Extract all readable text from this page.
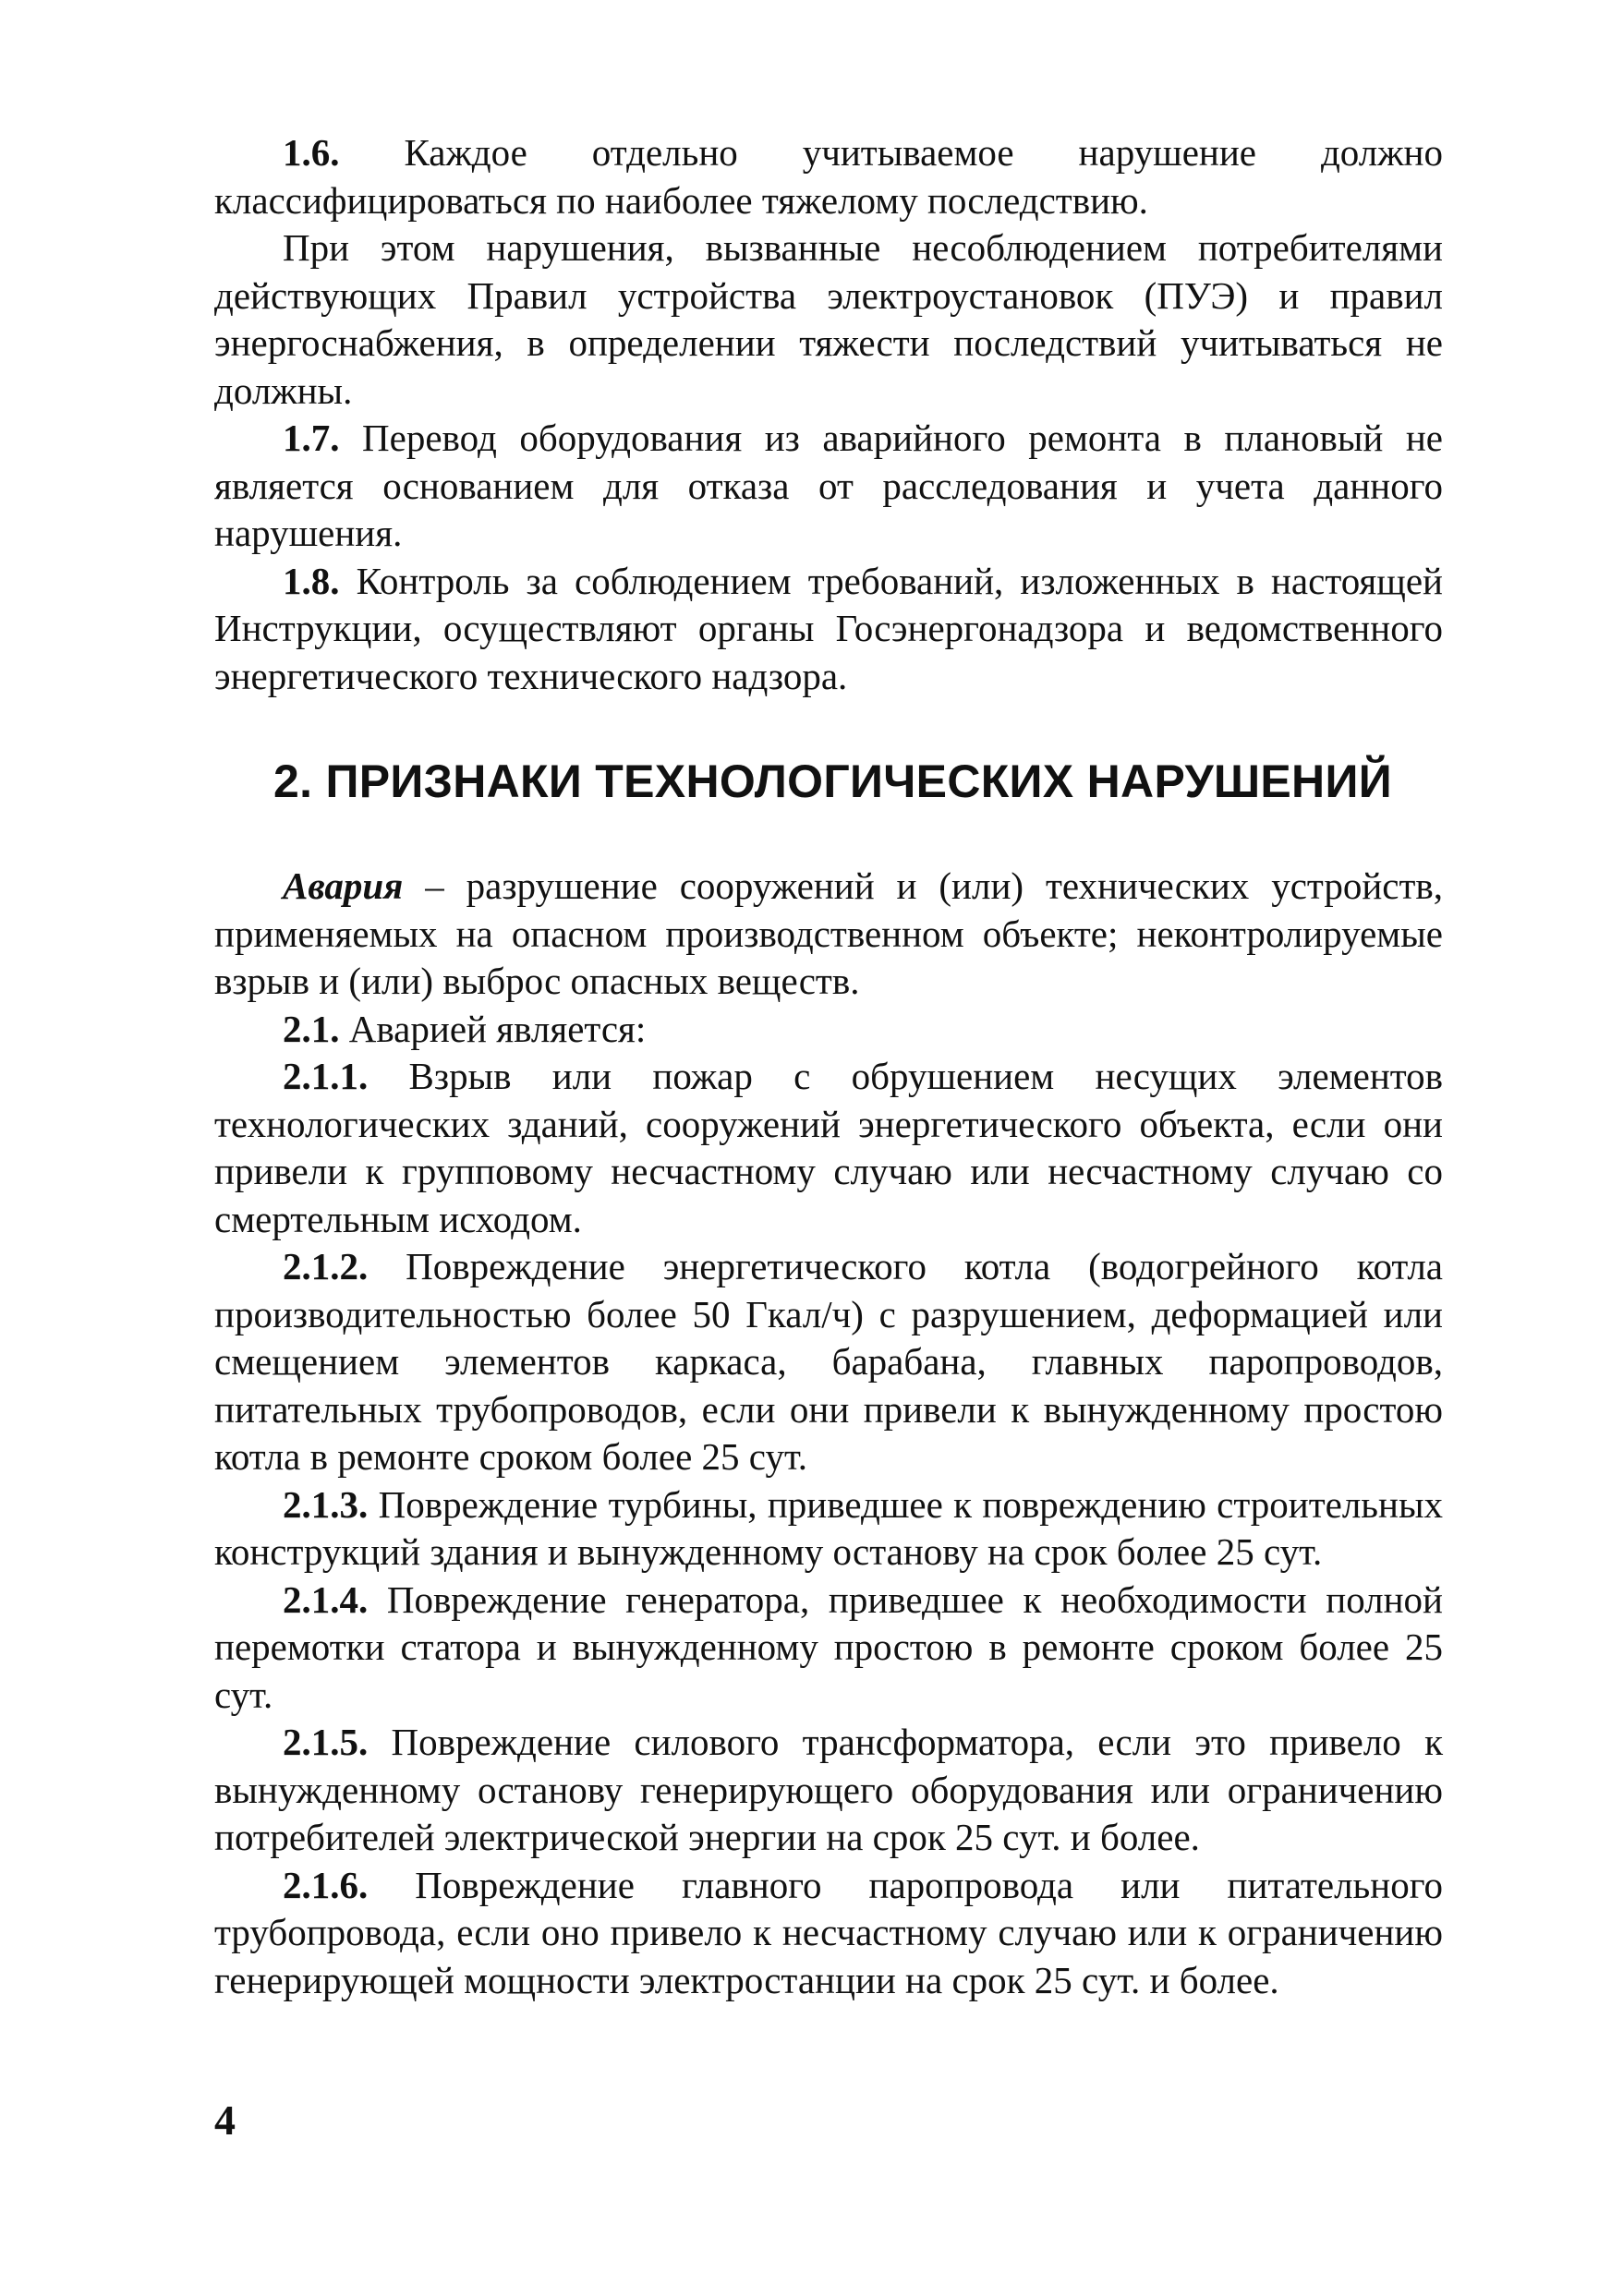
1.6. Каждое отдельно учитываемое нарушение должно классифицироваться по наиболее тяжелому последствию.

При этом нарушения, вызванные несоблюдением потребителями действующих Правил устройства электроустановок (ПУЭ) и правил энергоснабжения, в определении тяжести последствий учитываться не должны.

1.7. Перевод оборудования из аварийного ремонта в плановый не является основанием для отказа от расследования и учета данного нарушения.

1.8. Контроль за соблюдением требований, изложенных в настоящей Инструкции, осуществляют органы Госэнергонадзора и ведомственного энергетического технического надзора.

2. ПРИЗНАКИ ТЕХНОЛОГИЧЕСКИХ НАРУШЕНИЙ

Авария – разрушение сооружений и (или) технических устройств, применяемых на опасном производственном объекте; неконтролируемые взрыв и (или) выброс опасных веществ.

2.1. Аварией является:

2.1.1. Взрыв или пожар с обрушением несущих элементов технологических зданий, сооружений энергетического объекта, если они привели к групповому несчастному случаю или несчастному случаю со смертельным исходом.

2.1.2. Повреждение энергетического котла (водогрейного котла производительностью более 50 Гкал/ч) с разрушением, деформацией или смещением элементов каркаса, барабана, главных паропроводов, питательных трубопроводов, если они привели к вынужденному простою котла в ремонте сроком более 25 сут.

2.1.3. Повреждение турбины, приведшее к повреждению строительных конструкций здания и вынужденному останову на срок более 25 сут.

2.1.4. Повреждение генератора, приведшее к необходимости полной перемотки статора и вынужденному простою в ремонте сроком более 25 сут.

2.1.5. Повреждение силового трансформатора, если это привело к вынужденному останову генерирующего оборудования или ограничению потребителей электрической энергии на срок 25 сут. и более.

2.1.6. Повреждение главного паропровода или питательного трубопровода, если оно привело к несчастному случаю или к ограничению генерирующей мощности электростанции на срок 25 сут. и более.

4
